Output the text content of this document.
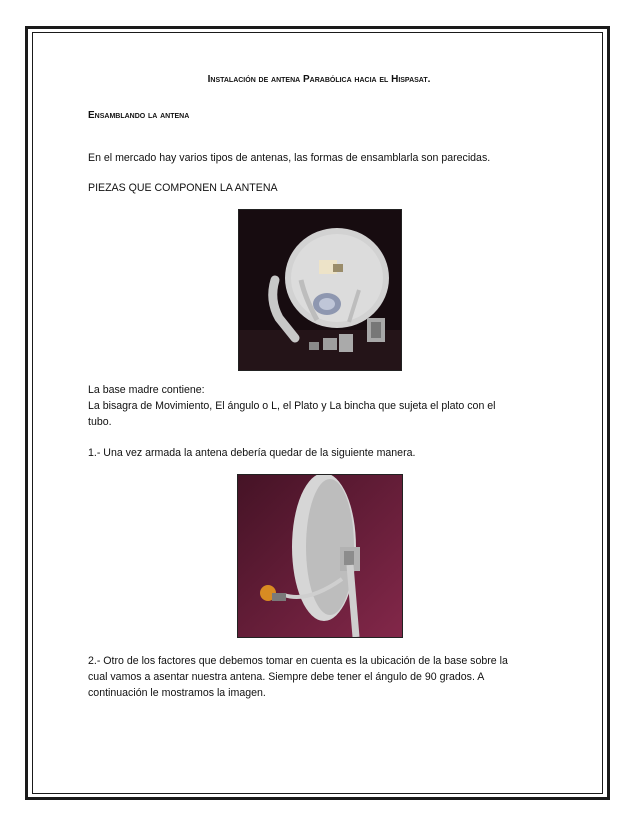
Instalación de antena Parabólica hacia el Hispasat.
Ensamblando la antena
En el mercado hay varios tipos de antenas, las formas de ensamblarla son parecidas.
PIEZAS QUE COMPONEN LA ANTENA
La base madre contiene:
La bisagra de Movimiento, El ángulo o L, el Plato y La bincha que sujeta el plato con el
tubo.
1.- Una vez armada la antena debería quedar de la siguiente manera.
2.- Otro de los factores que debemos tomar en cuenta es la ubicación de la base sobre la
cual vamos a asentar nuestra antena. Siempre debe tener el ángulo de 90 grados. A
continuación le mostramos la imagen.
